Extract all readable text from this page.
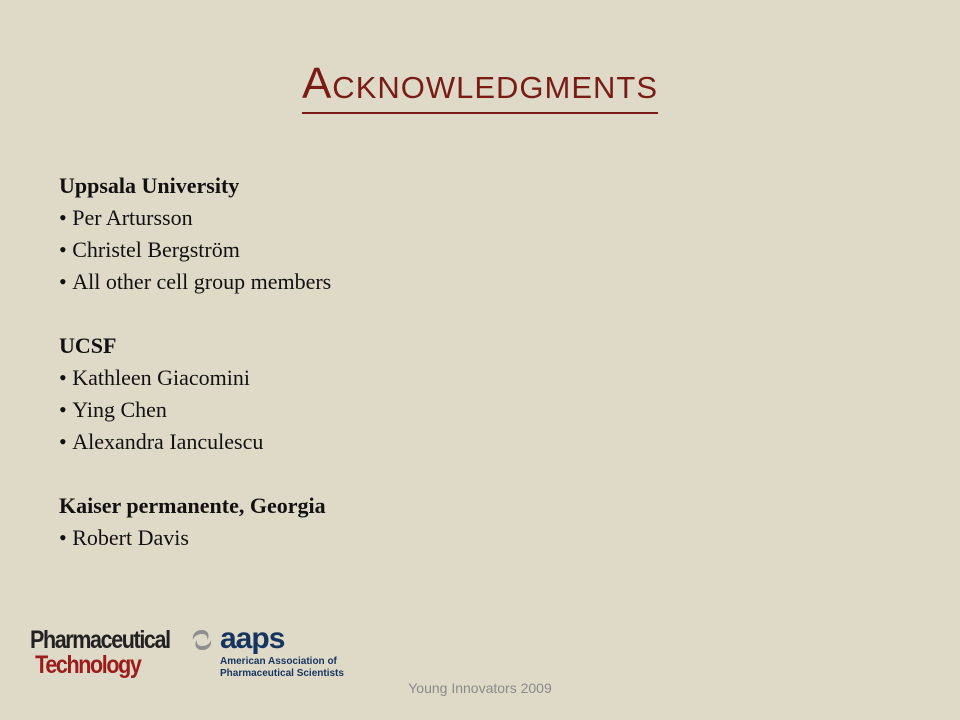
Acknowledgments
Uppsala University
• Per Artursson
• Christel Bergström
• All other cell group members
UCSF
• Kathleen Giacomini
• Ying Chen
• Alexandra Ianculescu
Kaiser permanente, Georgia
• Robert Davis
Pharmaceutical
Technology
aaps
American Association of
Pharmaceutical Scientists
Young Innovators 2009
